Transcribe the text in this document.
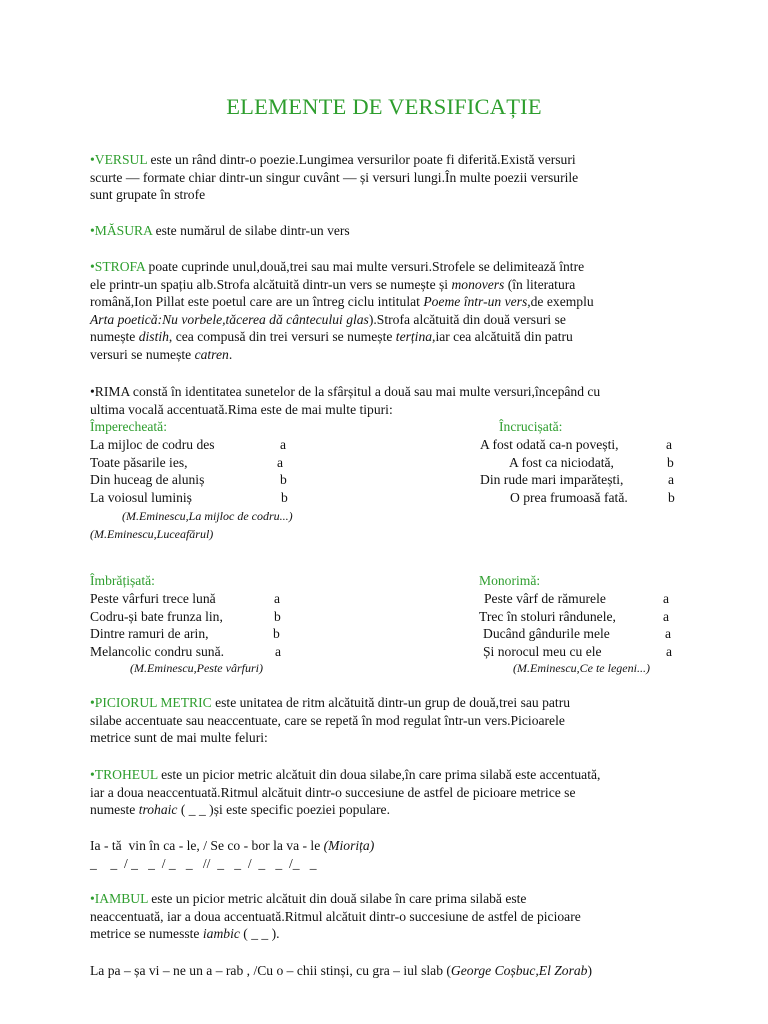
ELEMENTE DE VERSIFICAȚIE
•VERSUL este un rând dintr-o poezie.Lungimea versurilor poate fi diferită.Există versuri
scurte — formate chiar dintr-un singur cuvânt — și versuri lungi.În multe poezii versurile
sunt grupate în strofe
•MĂSURA este numărul de silabe dintr-un vers
•STROFA poate cuprinde unul,două,trei sau mai multe versuri.Strofele se delimitează între
ele printr-un spațiu alb.Strofa alcătuită dintr-un vers se numește și monovers (în literatura
română,Ion Pillat este poetul care are un întreg ciclu intitulat Poeme într-un vers,de exemplu
Arta poetică:Nu vorbele,tăcerea dă cântecului glas).Strofa alcătuită din două versuri se
numește distih, cea compusă din trei versuri se numește terțina,iar cea alcătuită din patru
versuri se numește catren.
•RIMA constă în identitatea sunetelor de la sfârșitul a două sau mai multe versuri,începând cu
ultima vocală accentuată.Rima este de mai multe tipuri:
Împerecheată:
La mijloc de codru des	a
Toate păsarile ies,	a
Din huceag de aluniș	b
La voiosul luminiș	b
(M.Eminescu,La mijloc de codru...)
(M.Eminescu,Luceafărul)
Încrucișată:
A fost odată ca-n povești,	a
A fost ca niciodată,	b
Din rude mari imparătești,	a
O prea frumoasă fată.	b
Îmbrățișată:
Peste vârfuri trece lună	a
Codru-și bate frunza lin,	b
Dintre ramuri de arin,	b
Melancolic condru sună.	a
(M.Eminescu,Peste vârfuri)
Monorimă:
Peste vârf de rămurele	a
Trec în stoluri rândunele,	a
Ducând gândurile mele	a
Și norocul meu cu ele	a
(M.Eminescu,Ce te legeni...)
•PICIORUL METRIC este unitatea de ritm alcătuită dintr-un grup de două,trei sau patru
silabe accentuate sau neaccentuate, care se repetă în mod regulat într-un vers.Picioarele
metrice sunt de mai multe feluri:
•TROHEUL este un picior metric alcătuit din doua silabe,în care prima silabă este accentuată,
iar a doua neaccentuată.Ritmul alcătuit dintr-o succesiune de astfel de picioare metrice se
numeste trohaic ( _ _ )și este specific poeziei populare.
Ia - tă  vin în ca - le, / Se co - bor la va - le (Miorița)
_    _  / _   _  / _   _   //  _   _  /  _   _  /_   _
•IAMBUL este un picior metric alcătuit din două silabe în care prima silabă este
neaccentuată, iar a doua accentuată.Ritmul alcătuit dintr-o succesiune de astfel de picioare
metrice se numesste iambic ( _ _ ).
La pa – șa vi – ne un a – rab , /Cu o – chii stinși, cu gra – iul slab (George Coșbuc,El Zorab)
